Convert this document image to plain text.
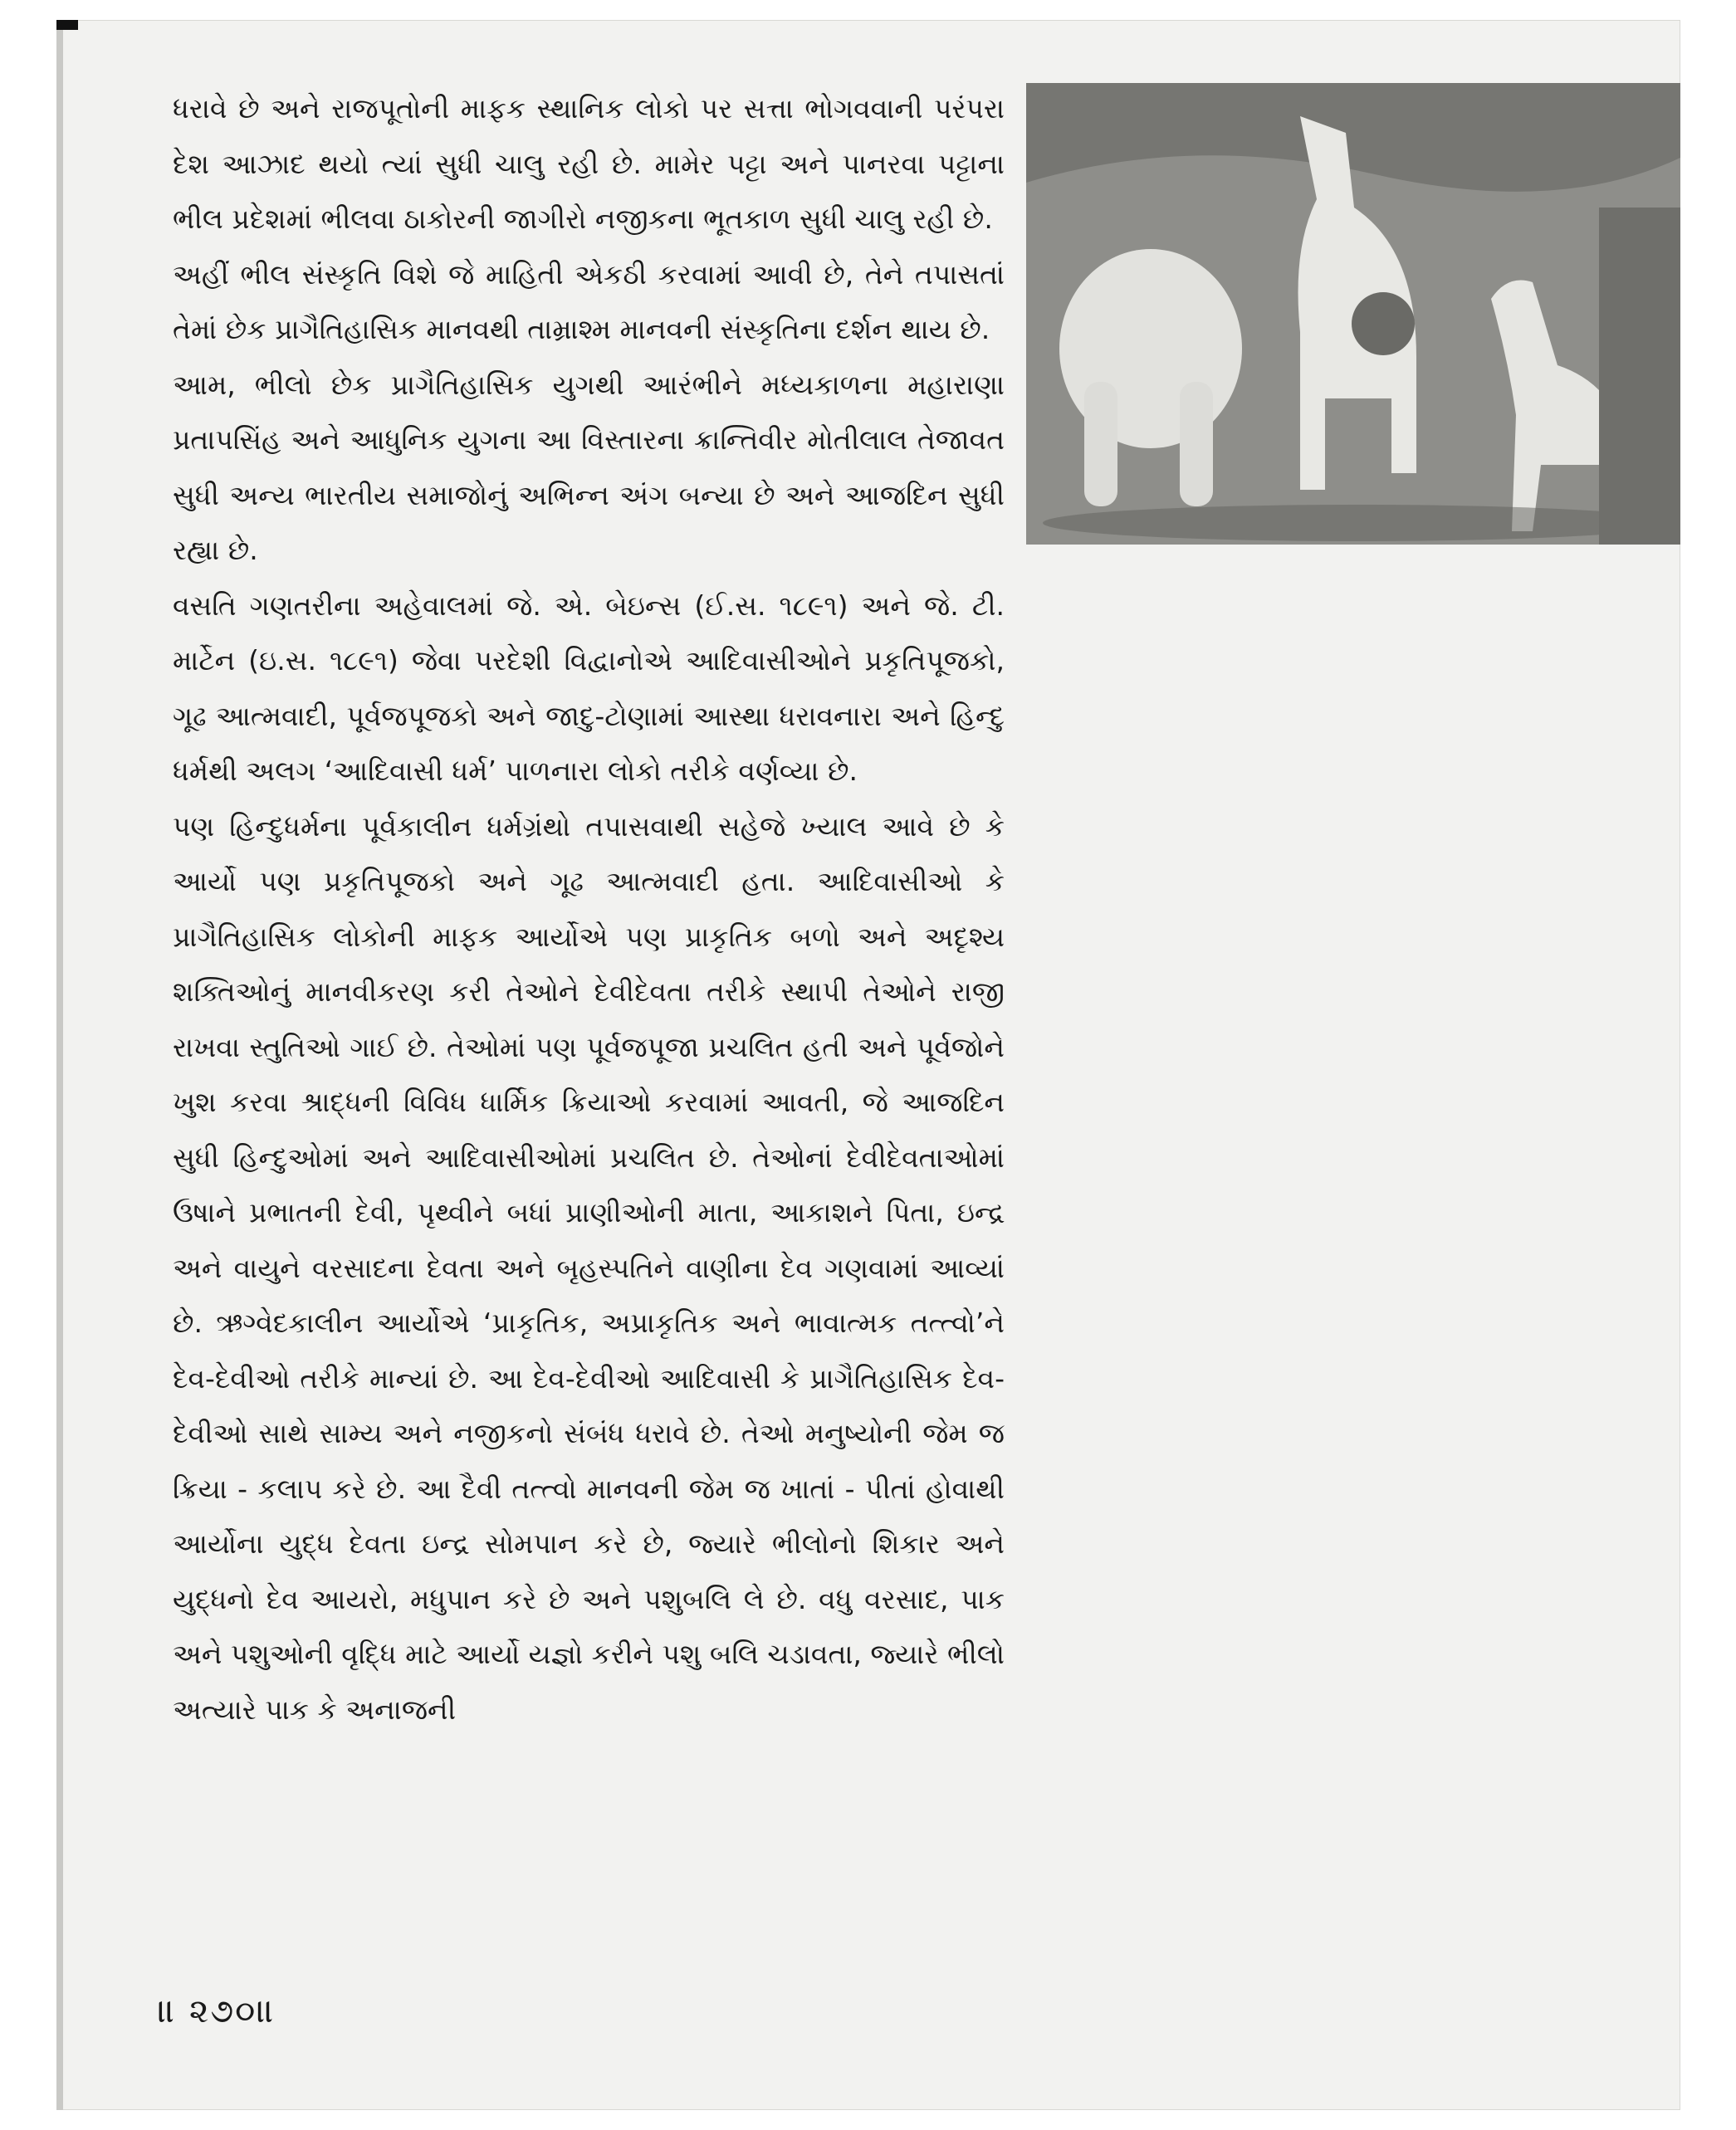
ધરાવે છે અને રાજપૂતોની માફક સ્થાનિક લોકો પર સત્તા ભોગવવાની પરંપરા દેશ આઝાદ થયો ત્યાં સુધી ચાલુ રહી છે. મામેર પટ્ટા અને પાનરવા પટ્ટાના ભીલ પ્રદેશમાં ભીલવા ઠાકોરની જાગીરો નજીકના ભૂતકાળ સુધી ચાલુ રહી છે.

અહીં ભીલ સંસ્કૃતિ વિશે જે માહિતી એકઠી કરવામાં આવી છે, તેને તપાસતાં તેમાં છેક પ્રાગૈતિહાસિક માનવથી તામ્રાશ્મ માનવની સંસ્કૃતિના દર્શન થાય છે.

આમ, ભીલો છેક પ્રાગૈતિહાસિક યુગથી આરંભીને મધ્યકાળના મહારાણા પ્રતાપસિંહ અને આધુનિક યુગના આ વિસ્તારના ક્રાન્તિવીર મોતીલાલ તેજાવત સુધી અન્ય ભારતીય સમાજોનું અભિન્ન અંગ બન્યા છે અને આજદિન સુધી રહ્યા છે.

વસતિ ગણતરીના અહેવાલમાં જે. એ. બેઇન્સ (ઈ.સ. ૧૮૯૧) અને જે. ટી. માર્ટેન (ઇ.સ. ૧૮૯૧) જેવા પરદેશી વિદ્વાનોએ આદિવાસીઓને પ્રકૃતિપૂજકો, ગૂઢ આત્મવાદી, પૂર્વજપૂજકો અને જાદુ-ટોણામાં આસ્થા ધરાવનારા અને હિન્દુ ધર્મથી અલગ ‘આદિવાસી ધર્મ’ પાળનારા લોકો તરીકે વર્ણવ્યા છે.

પણ હિન્દુધર્મના પૂર્વકાલીન ધર્મગ્રંથો તપાસવાથી સહેજે ખ્યાલ આવે છે કે આર્યો પણ પ્રકૃતિપૂજકો અને ગૂઢ આત્મવાદી હતા. આદિવાસીઓ કે પ્રાગૈતિહાસિક લોકોની માફક આર્યોએ પણ પ્રાકૃતિક બળો અને અદૃશ્ય શક્તિઓનું માનવીકરણ કરી તેઓને દેવીદેવતા તરીકે સ્થાપી તેઓને રાજી રાખવા સ્તુતિઓ ગાઈ છે. તેઓમાં પણ પૂર્વજપૂજા પ્રચલિત હતી અને પૂર્વજોને ખુશ કરવા શ્રાદ્ધની વિવિધ ધાર્મિક ક્રિયાઓ કરવામાં આવતી, જે આજદિન સુધી હિન્દુઓમાં અને આદિવાસીઓમાં પ્રચલિત છે. તેઓનાં દેવીદેવતાઓમાં ઉષાને પ્રભાતની દેવી, પૃથ્વીને બધાં પ્રાણીઓની માતા, આકાશને પિતા, ઇન્દ્ર અને વાયુને વરસાદના દેવતા અને બૃહસ્પતિને વાણીના દેવ ગણવામાં આવ્યાં છે. ઋગ્વેદકાલીન આર્યોએ ‘પ્રાકૃતિક, અપ્રાકૃતિક અને ભાવાત્મક તત્ત્વો’ને દેવ-દેવીઓ તરીકે માન્યાં છે. આ દેવ-દેવીઓ આદિવાસી કે પ્રાગૈતિહાસિક દેવ-દેવીઓ સાથે સામ્ય અને નજીકનો સંબંધ ધરાવે છે. તેઓ મનુષ્યોની જેમ જ ક્રિયા - કલાપ કરે છે. આ દૈવી તત્ત્વો માનવની જેમ જ ખાતાં - પીતાં હોવાથી આર્યોના યુદ્ધ દેવતા ઇન્દ્ર સોમપાન કરે છે, જ્યારે ભીલોનો શિકાર અને યુદ્ધનો દેવ આયરો, મધુપાન કરે છે અને પશુબલિ લે છે. વધુ વરસાદ, પાક અને પશુઓની વૃદ્ધિ માટે આર્યો યજ્ઞો કરીને પશુ બલિ ચડાવતા, જ્યારે ભીલો અત્યારે પાક કે અનાજની

॥ ૨૭૦॥
